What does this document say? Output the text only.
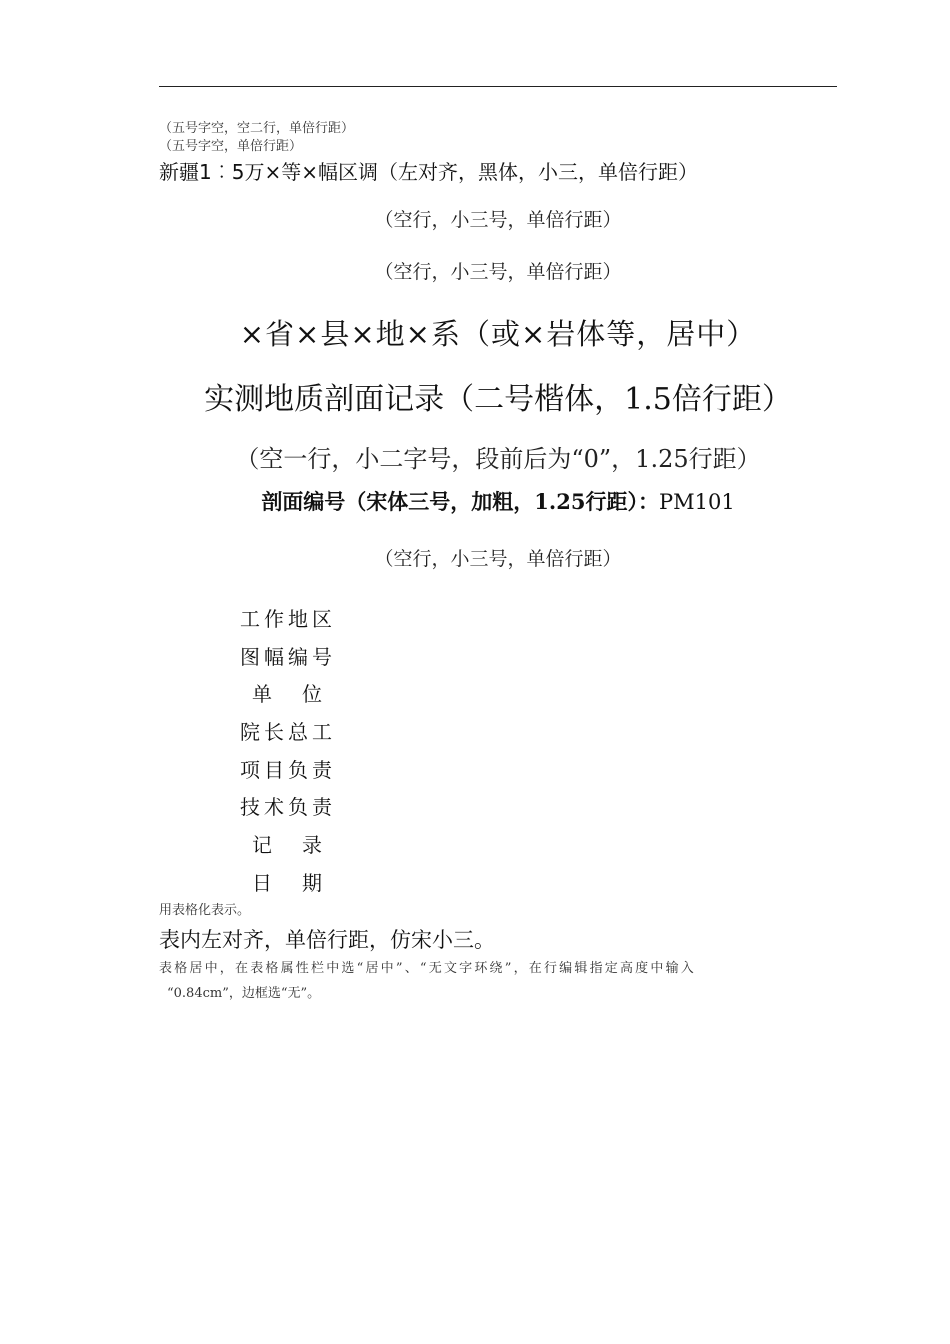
（五号字空，空二行，单倍行距）
（五号字空，单倍行距）
新疆1︰5万×等×幅区调（左对齐，黑体，小三，单倍行距）
（空行，小三号，单倍行距）
（空行，小三号，单倍行距）
×省×县×地×系（或×岩体等，居中）
实测地质剖面记录（二号楷体，1.5倍行距）
（空一行，小二字号，段前后为“0”，1.25行距）
剖面编号（宋体三号，加粗，1.25行距）：PM101
（空行，小三号，单倍行距）
工 作 地 区
图 幅 编 号
单 位
院 长 总 工
项 目 负 责
技 术 负 责
记 录
日 期
用表格化表示。
表内左对齐，单倍行距，仿宋小三。
表格居中，在表格属性栏中选“居中”、“无文字环绕”，在行编辑指定高度中输入
“0.84cm”，边框选“无”。
